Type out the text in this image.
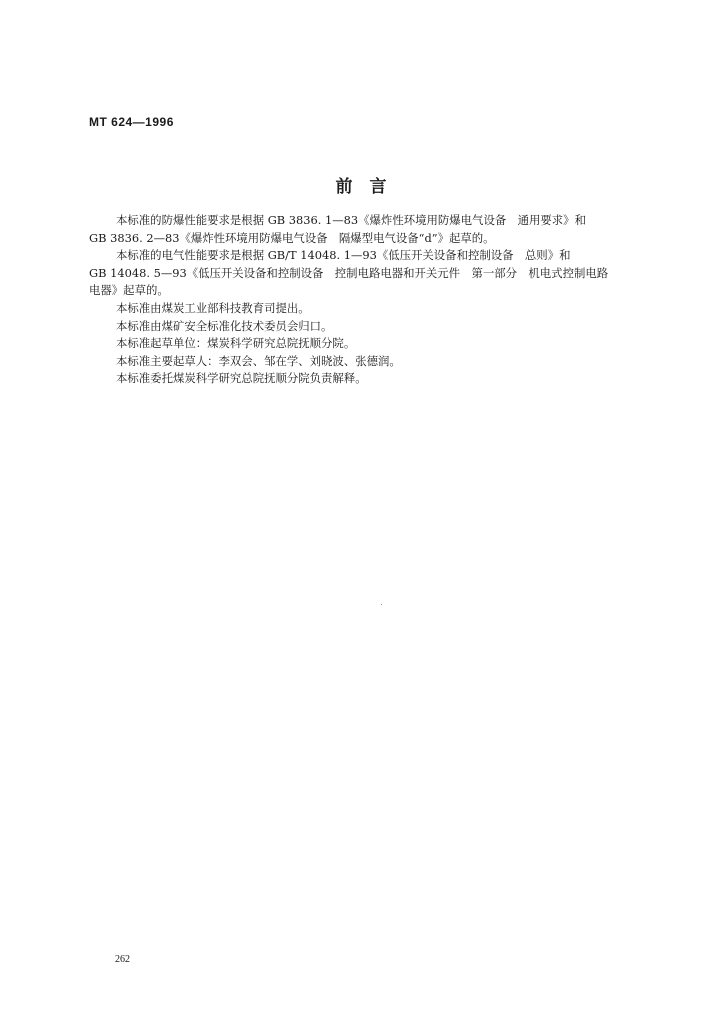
MT 624—1996
前　言

本标准的防爆性能要求是根据 GB 3836. 1—83《爆炸性环境用防爆电气设备　通用要求》和
GB 3836. 2—83《爆炸性环境用防爆电气设备　隔爆型电气设备“d”》起草的。

本标准的电气性能要求是根据 GB/T 14048. 1—93《低压开关设备和控制设备　总则》和
GB 14048. 5—93《低压开关设备和控制设备　控制电路电器和开关元件　第一部分　机电式控制电路
电器》起草的。

本标准由煤炭工业部科技教育司提出。

本标准由煤矿安全标准化技术委员会归口。

本标准起草单位：煤炭科学研究总院抚顺分院。

本标准主要起草人：李双会、邹在学、刘晓波、张德润。

本标准委托煤炭科学研究总院抚顺分院负责解释。

262
